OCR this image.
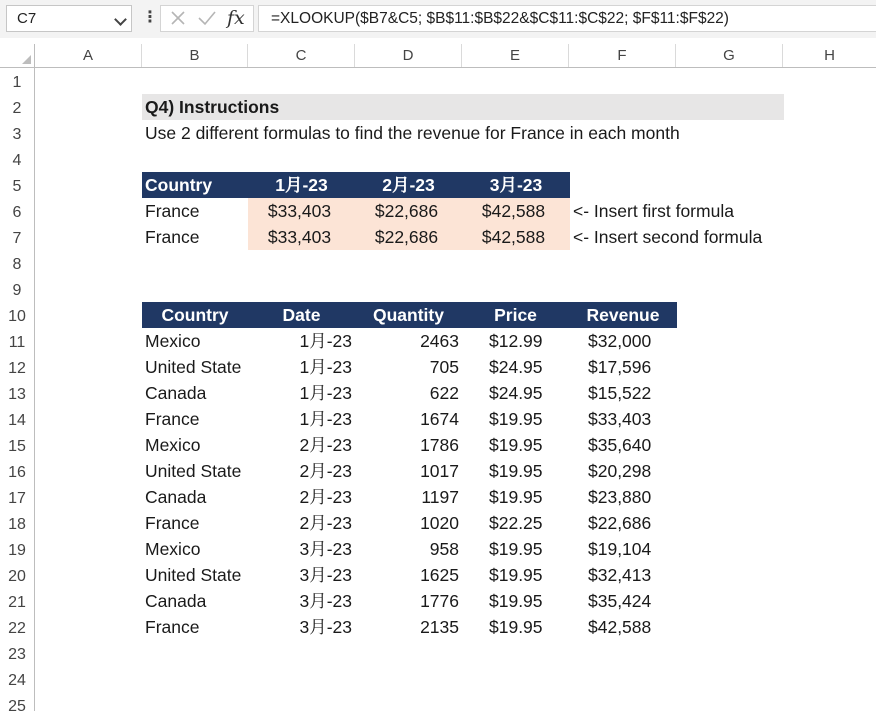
C7	⋮	fx	=XLOOKUP($B7&C5; $B$11:$B$22&$C$11:$C$22; $F$11:$F$22)
A	B	C	D	E	F	G	H
1
2
3
4
5
6
7
8
9
10
11
12
13
14
15
16
17
18
19
20
21
22
23
24
25
Q4) Instructions
Use 2 different formulas to find the revenue for France in each month
Country	1月-23	2月-23	3月-23
France	$33,403	$22,686	$42,588	<- Insert first formula
France	$33,403	$22,686	$42,588	<- Insert second formula
Country	Date	Quantity	Price	Revenue
Mexico	1月-23	2463 $12.99	$32,000
United State	1月-23	705 $24.95	$17,596
Canada	1月-23	622 $24.95	$15,522
France	1月-23	1674 $19.95	$33,403
Mexico	2月-23	1786 $19.95	$35,640
United State	2月-23	1017 $19.95	$20,298
Canada	2月-23	1197 $19.95	$23,880
France	2月-23	1020 $22.25	$22,686
Mexico	3月-23	958 $19.95	$19,104
United State	3月-23	1625 $19.95	$32,413
Canada	3月-23	1776 $19.95	$35,424
France	3月-23	2135 $19.95	$42,588
